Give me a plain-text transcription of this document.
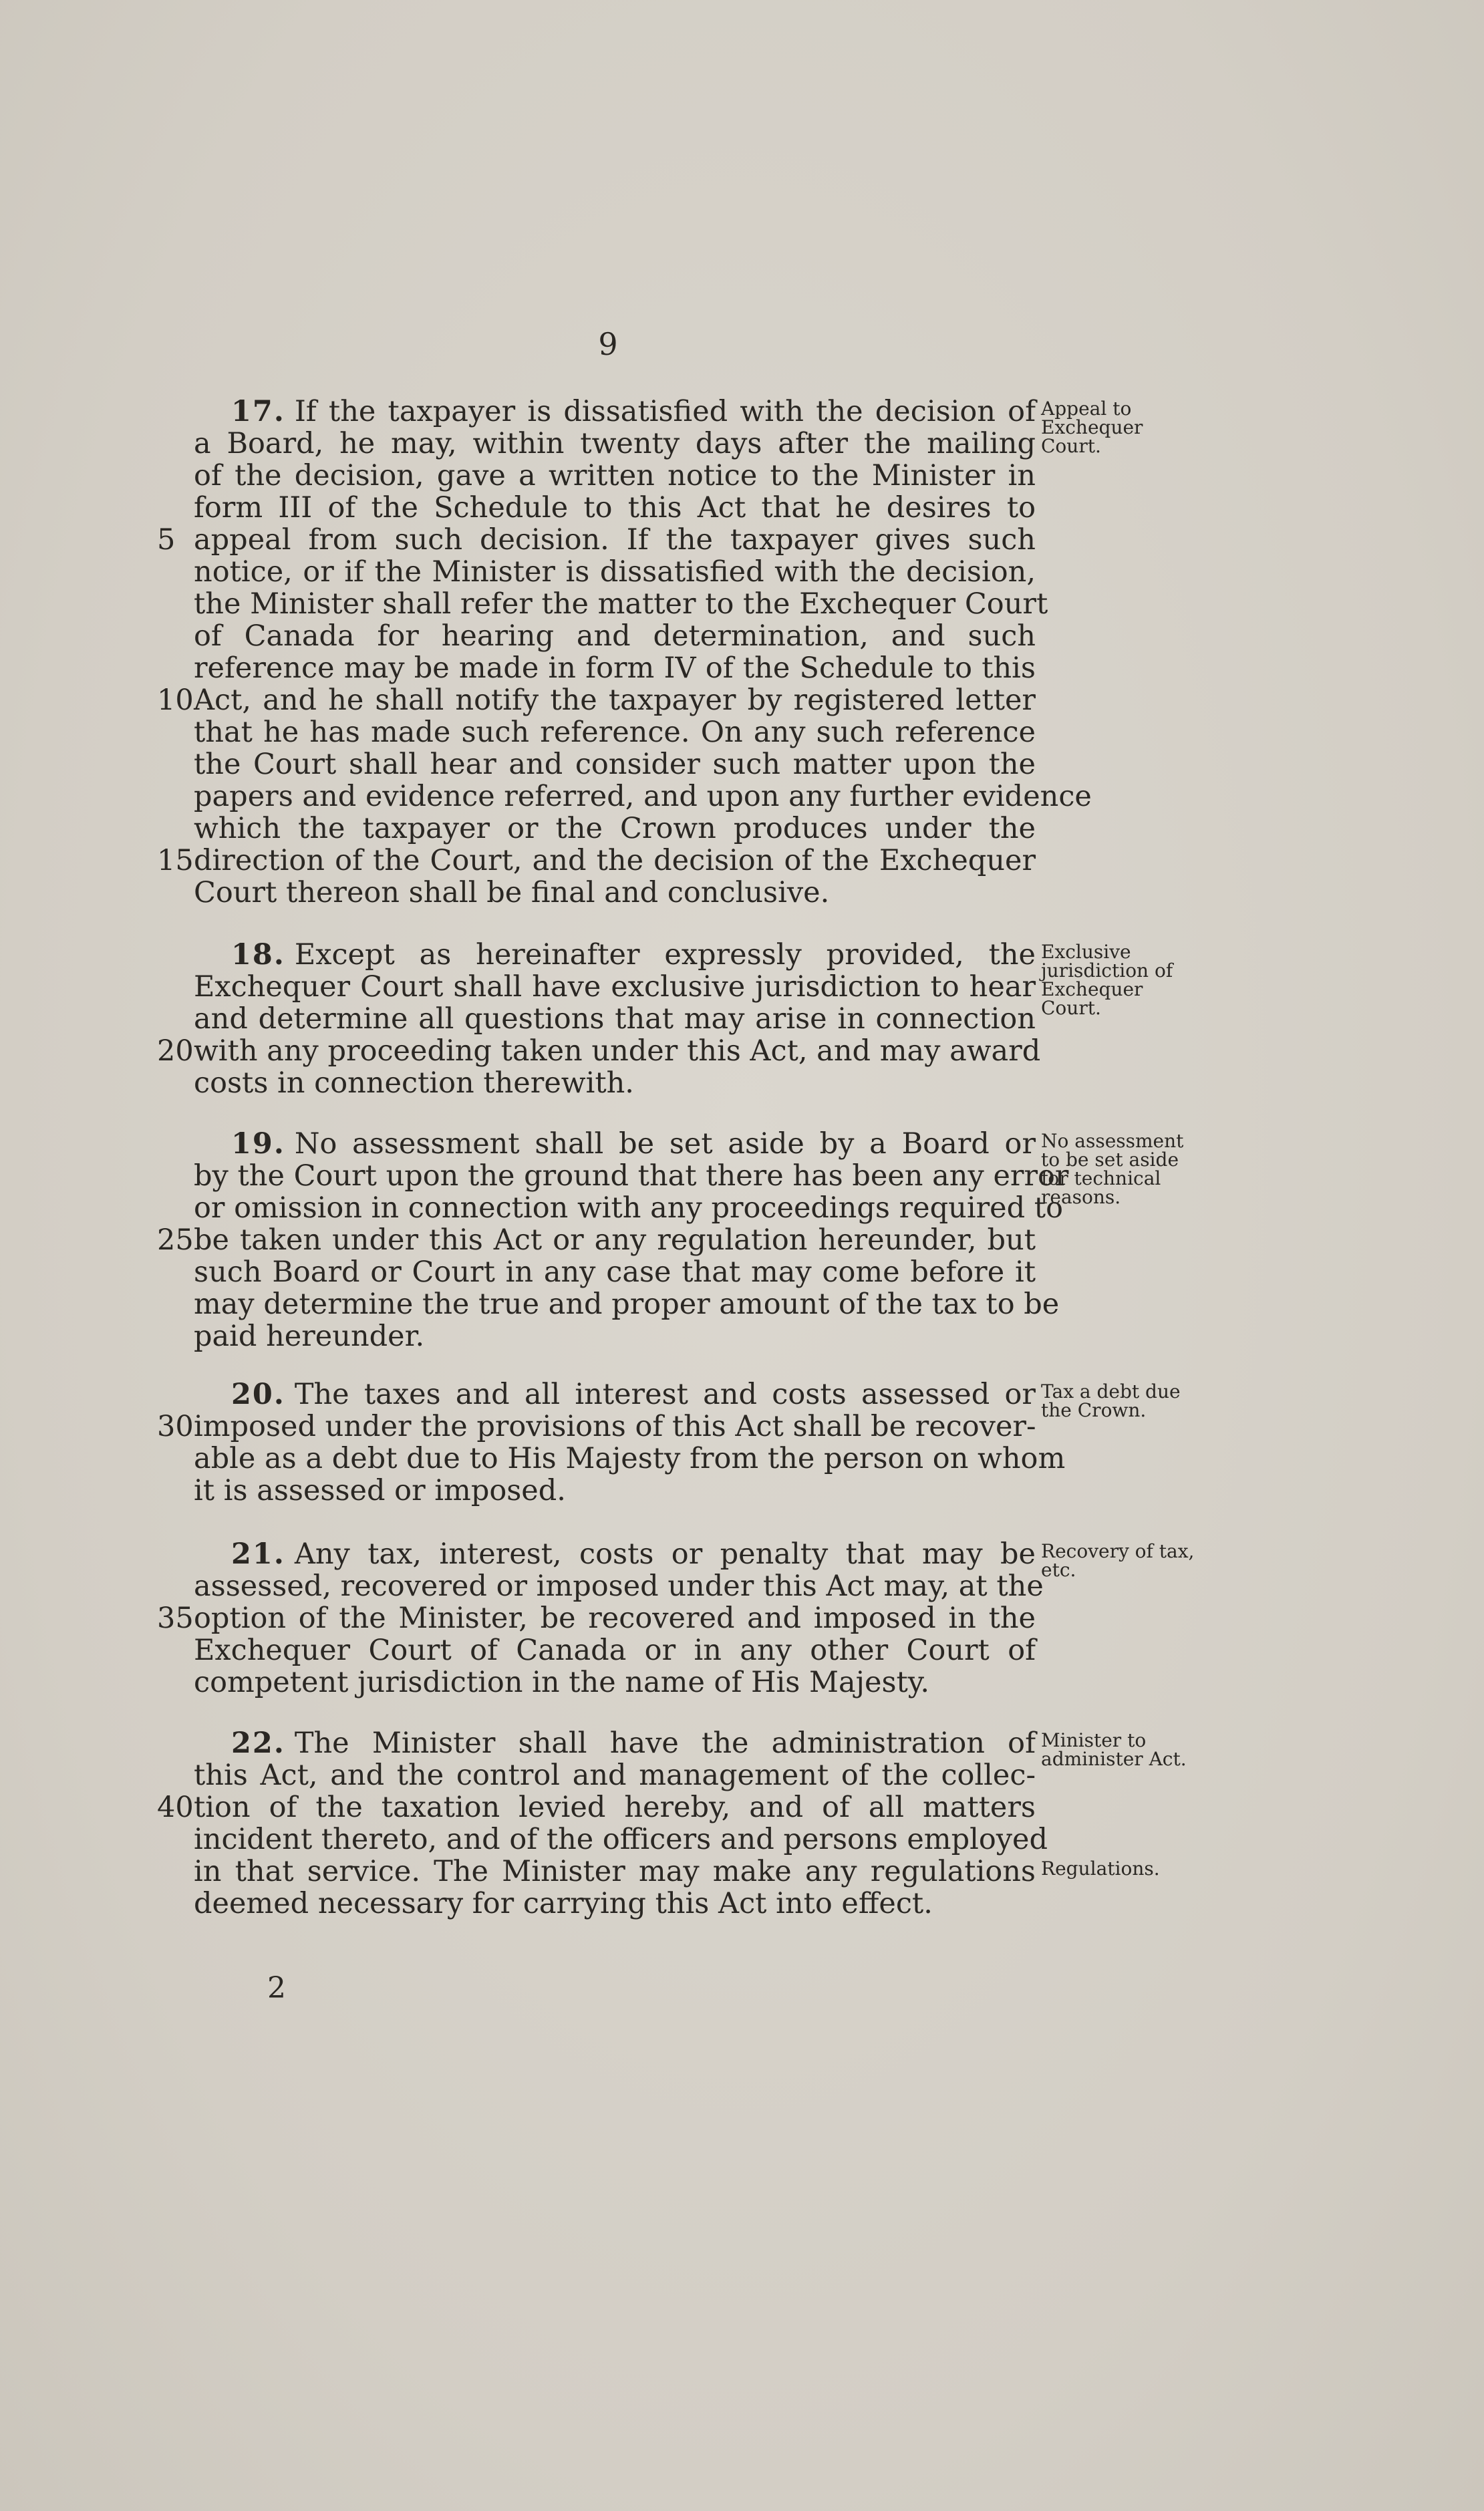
9
17. If the taxpayer is dissatisfied with the decision of
a Board, he may, within twenty days after the mailing
of the decision, gave a written notice to the Minister in
form III of the Schedule to this Act that he desires to
5 appeal from such decision. If the taxpayer gives such
notice, or if the Minister is dissatisfied with the decision,
the Minister shall refer the matter to the Exchequer Court
of Canada for hearing and determination, and such
reference may be made in form IV of the Schedule to this
10 Act, and he shall notify the taxpayer by registered letter
that he has made such reference. On any such reference
the Court shall hear and consider such matter upon the
papers and evidence referred, and upon any further evidence
which the taxpayer or the Crown produces under the
15 direction of the Court, and the decision of the Exchequer
Court thereon shall be final and conclusive.
Appeal to Exchequer Court.
18. Except as hereinafter expressly provided, the
Exchequer Court shall have exclusive jurisdiction to hear
and determine all questions that may arise in connection
20 with any proceeding taken under this Act, and may award
costs in connection therewith.
Exclusive jurisdiction of Exchequer Court.
19. No assessment shall be set aside by a Board or
by the Court upon the ground that there has been any error
or omission in connection with any proceedings required to
25 be taken under this Act or any regulation hereunder, but
such Board or Court in any case that may come before it
may determine the true and proper amount of the tax to be
paid hereunder.
No assessment to be set aside for technical reasons.
20. The taxes and all interest and costs assessed or
30 imposed under the provisions of this Act shall be recover-
able as a debt due to His Majesty from the person on whom
it is assessed or imposed.
Tax a debt due the Crown.
21. Any tax, interest, costs or penalty that may be
assessed, recovered or imposed under this Act may, at the
35 option of the Minister, be recovered and imposed in the
Exchequer Court of Canada or in any other Court of
competent jurisdiction in the name of His Majesty.
Recovery of tax, etc.
22. The Minister shall have the administration of
this Act, and the control and management of the collec-
40 tion of the taxation levied hereby, and of all matters
incident thereto, and of the officers and persons employed
in that service. The Minister may make any regulations
deemed necessary for carrying this Act into effect.
Minister to administer Act.
Regulations.
2
